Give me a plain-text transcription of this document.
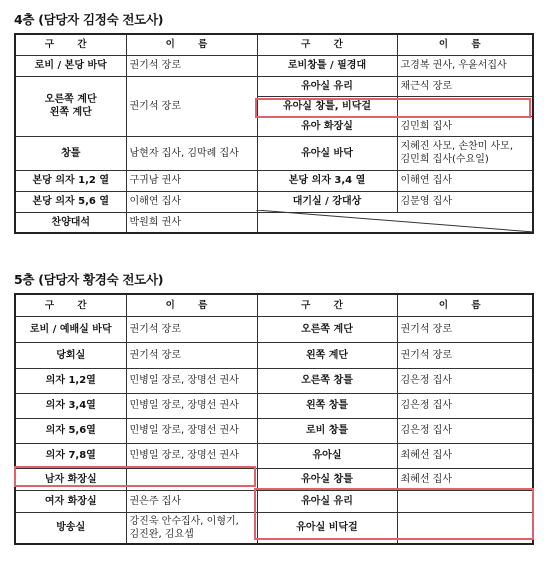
4층 (담당자 김정숙 전도사)
구 간	이 름	구 간	이 름
로비 / 본당 바닥	권기석 장로	로비창틀 / 필경대	고경복 권사, 우윤서집사
오른쪽 계단
왼쪽 계단	권기석 장로	유아실 유리	채근식 장로
		유아실 창틀, 비닥걸	
		유아 화장실	김민희 집사
창틀	남현자 집사, 김막례 집사	유아실 바닥	지혜진 사모, 손찬미 사모,
김민희 집사(수요일)
본당 의자 1,2 열	구귀남 권사	본당 의자 3,4 열	이해연 집사
본당 의자 5,6 열	이해연 집사	대기실 / 강대상	김문영 집사
찬양대석	박원희 권사		
5층 (담당자 황경숙 전도사)
구 간	이 름	구 간	이 름
로비 / 예배실 바닥	권기석 장로	오른쪽 계단	권기석 장로
당회실	권기석 장로	왼쪽 계단	권기석 장로
의자 1,2열	민병일 장로, 장명선 권사	오른쪽 창틀	김은정 집사
의자 3,4열	민병일 장로, 장명선 권사	왼쪽 창틀	김은정 집사
의자 5,6열	민병일 장로, 장명선 권사	로비 창틀	김은정 집사
의자 7,8열	민병일 장로, 장명선 권사	유아실	최혜선 집사
남자 화장실		유아실 창틀	최혜선 집사
여자 화장실	권은주 집사	유아실 유리	
방송실	강진욱 안수집사, 이형기,
김진완, 김요셉	유아실 비닥걸	
